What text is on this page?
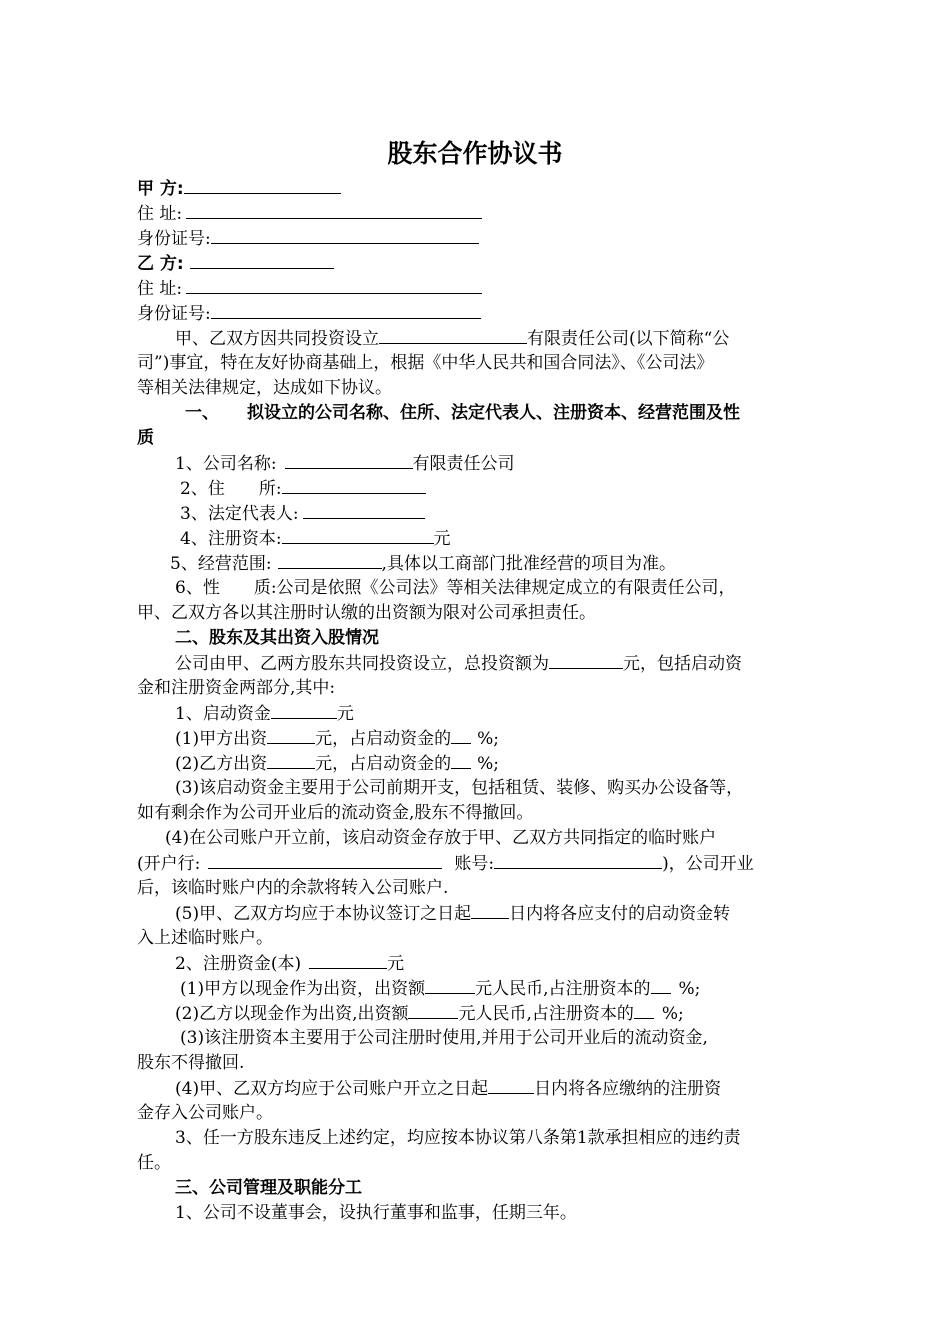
股东合作协议书
甲 方:
住 址:
身份证号:
乙 方:
住 址:
身份证号:
甲、乙双方因共同投资设立	有限责任公司(以下简称“公
司”)事宜，特在友好协商基础上，根据《中华人民共和国合同法》、《公司法》
等相关法律规定，达成如下协议。
一、 拟设立的公司名称、住所、法定代表人、注册资本、经营范围及性
质
1、公司名称:	有限责任公司
2、住　　所:
3、法定代表人:
4、注册资本:	元
5、经营范围:	,具体以工商部门批准经营的项目为准。
6、性　　质:公司是依照《公司法》等相关法律规定成立的有限责任公司，
甲、乙双方各以其注册时认缴的出资额为限对公司承担责任。
二、股东及其出资入股情况
公司由甲、乙两方股东共同投资设立，总投资额为	元，包括启动资
金和注册资金两部分,其中:
1、启动资金	元
(1)甲方出资	元，占启动资金的 %;
(2)乙方出资	元，占启动资金的 %;
(3)该启动资金主要用于公司前期开支，包括租赁、装修、购买办公设备等，
如有剩余作为公司开业后的流动资金,股东不得撤回。
(4)在公司账户开立前，该启动资金存放于甲、乙双方共同指定的临时账户
(开户行:	账号:	)，公司开业
后，该临时账户内的余款将转入公司账户.
(5)甲、乙双方均应于本协议签订之日起 日内将各应支付的启动资金转
入上述临时账户。
2、注册资金(本)	元
(1)甲方以现金作为出资，出资额	元人民币,占注册资本的 %;
(2)乙方以现金作为出资,出资额	元人民币,占注册资本的 %;
(3)该注册资本主要用于公司注册时使用,并用于公司开业后的流动资金,
股东不得撤回.
(4)甲、乙双方均应于公司账户开立之日起	日内将各应缴纳的注册资
金存入公司账户。
3、任一方股东违反上述约定，均应按本协议第八条第1款承担相应的违约责
任。
三、公司管理及职能分工
1、公司不设董事会，设执行董事和监事，任期三年。
